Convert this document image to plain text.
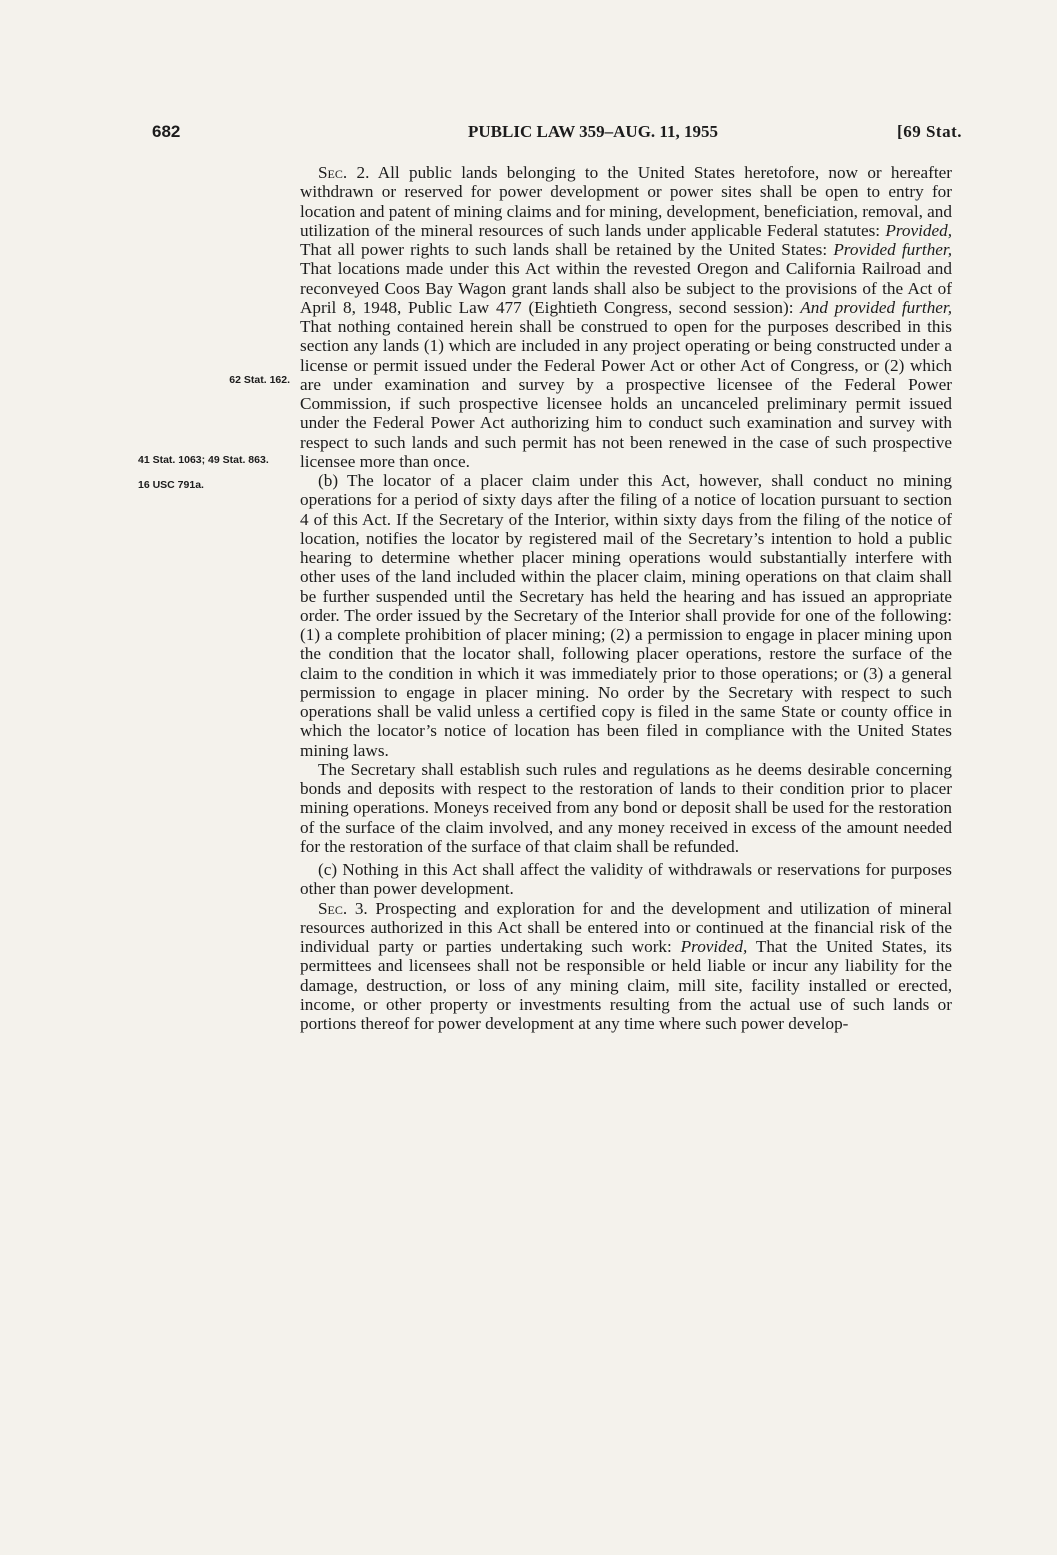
682	PUBLIC LAW 359–AUG. 11, 1955	[69 Stat.
62 Stat. 162.
41 Stat. 1063; 49 Stat. 863.
16 USC 791a.

Sec. 2. All public lands belonging to the United States heretofore, now or hereafter withdrawn or reserved for power development or power sites shall be open to entry for location and patent of mining claims and for mining, development, beneficiation, removal, and utilization of the mineral resources of such lands under applicable Federal statutes: Provided, That all power rights to such lands shall be retained by the United States: Provided further, That locations made under this Act within the revested Oregon and California Railroad and reconveyed Coos Bay Wagon grant lands shall also be subject to the provisions of the Act of April 8, 1948, Public Law 477 (Eightieth Congress, second session): And provided further, That nothing contained herein shall be construed to open for the purposes described in this section any lands (1) which are included in any project operating or being constructed under a license or permit issued under the Federal Power Act or other Act of Congress, or (2) which are under examination and survey by a prospective licensee of the Federal Power Commission, if such prospective licensee holds an uncanceled preliminary permit issued under the Federal Power Act authorizing him to conduct such examination and survey with respect to such lands and such permit has not been renewed in the case of such prospective licensee more than once.

(b) The locator of a placer claim under this Act, however, shall conduct no mining operations for a period of sixty days after the filing of a notice of location pursuant to section 4 of this Act. If the Secretary of the Interior, within sixty days from the filing of the notice of location, notifies the locator by registered mail of the Secretary’s intention to hold a public hearing to determine whether placer mining operations would substantially interfere with other uses of the land included within the placer claim, mining operations on that claim shall be further suspended until the Secretary has held the hearing and has issued an appropriate order. The order issued by the Secretary of the Interior shall provide for one of the following: (1) a complete prohibition of placer mining; (2) a permission to engage in placer mining upon the condition that the locator shall, following placer operations, restore the surface of the claim to the condition in which it was immediately prior to those operations; or (3) a general permission to engage in placer mining. No order by the Secretary with respect to such operations shall be valid unless a certified copy is filed in the same State or county office in which the locator’s notice of location has been filed in compliance with the United States mining laws.

The Secretary shall establish such rules and regulations as he deems desirable concerning bonds and deposits with respect to the restoration of lands to their condition prior to placer mining operations. Moneys received from any bond or deposit shall be used for the restoration of the surface of the claim involved, and any money received in excess of the amount needed for the restoration of the surface of that claim shall be refunded.

(c) Nothing in this Act shall affect the validity of withdrawals or reservations for purposes other than power development.

Sec. 3. Prospecting and exploration for and the development and utilization of mineral resources authorized in this Act shall be entered into or continued at the financial risk of the individual party or parties undertaking such work: Provided, That the United States, its permittees and licensees shall not be responsible or held liable or incur any liability for the damage, destruction, or loss of any mining claim, mill site, facility installed or erected, income, or other property or investments resulting from the actual use of such lands or portions thereof for power development at any time where such power develop-
